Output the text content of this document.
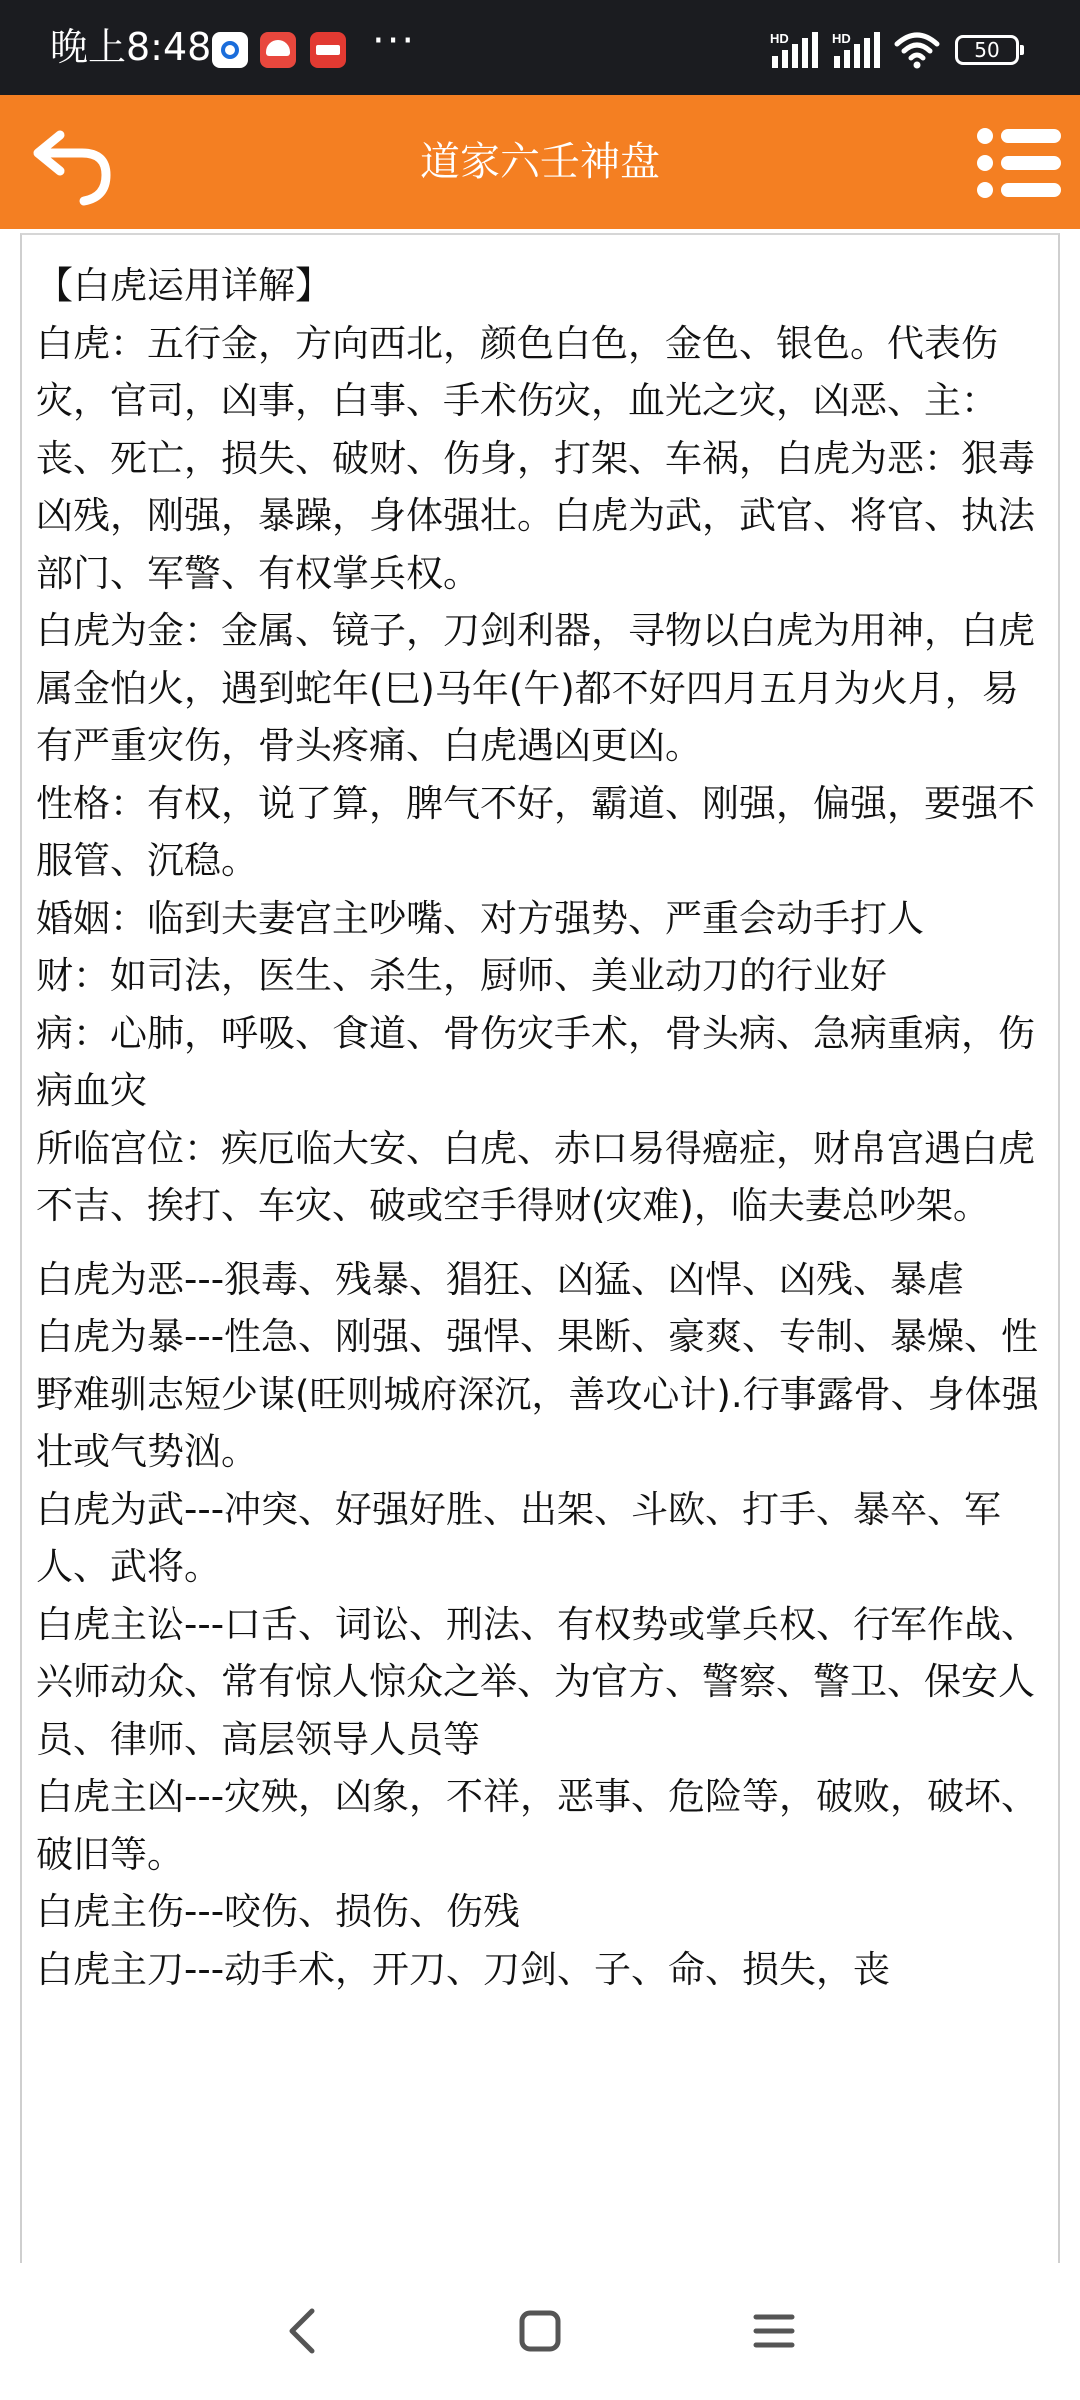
晚上8:48	···	HD	HD	50
道家六壬神盘

【白虎运用详解】

白虎：五行金，方向西北，颜色白色，金色、银色。代表伤灾，官司，凶事，白事、手术伤灾，血光之灾，凶恶、主：丧、死亡，损失、破财、伤身，打架、车祸，白虎为恶：狠毒凶残，刚强，暴躁，身体强壮。白虎为武，武官、将官、执法部门、军警、有权掌兵权。

白虎为金：金属、镜子，刀剑利器，寻物以白虎为用神，白虎属金怕火，遇到蛇年(巳)马年(午)都不好四月五月为火月，易有严重灾伤，骨头疼痛、白虎遇凶更凶。

性格：有权，说了算，脾气不好，霸道、刚强，偏强，要强不服管、沉稳。

婚姻：临到夫妻宫主吵嘴、对方强势、严重会动手打人

财：如司法，医生、杀生，厨师、美业动刀的行业好

病：心肺，呼吸、食道、骨伤灾手术，骨头病、急病重病，伤病血灾

所临宫位：疾厄临大安、白虎、赤口易得癌症，财帛宫遇白虎不吉、挨打、车灾、破或空手得财(灾难)，临夫妻总吵架。

白虎为恶---狠毒、残暴、猖狂、凶猛、凶悍、凶残、暴虐

白虎为暴---性急、刚强、强悍、果断、豪爽、专制、暴燥、性野难驯志短少谋(旺则城府深沉，善攻心计).行事露骨、身体强壮或气势汹。

白虎为武---冲突、好强好胜、出架、斗欧、打手、暴卒、军人、武将。

白虎主讼---口舌、词讼、刑法、有权势或掌兵权、行军作战、兴师动众、常有惊人惊众之举、为官方、警察、警卫、保安人员、律师、高层领导人员等

白虎主凶---灾殃，凶象，不祥，恶事、危险等，破败，破坏、破旧等。

白虎主伤---咬伤、损伤、伤残

白虎主刀---动手术，开刀、刀剑、子、命、损失，丧
